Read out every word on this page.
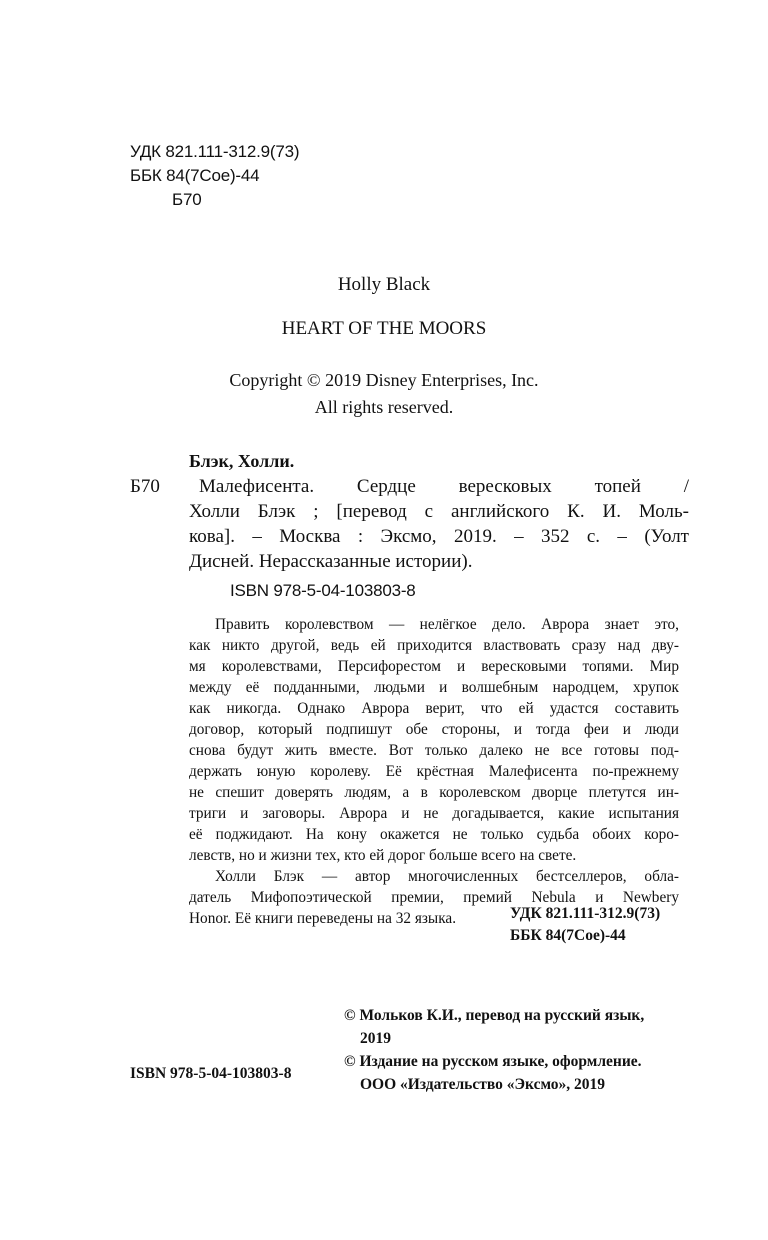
УДК 821.111-312.9(73)
ББК 84(7Сое)-44
Б70
Holly Black
HEART OF THE MOORS
Copyright © 2019 Disney Enterprises, Inc.
All rights reserved.
Блэк, Холли.
Б70	Малефисента. Сердце вересковых топей /
Холли Блэк ; [перевод с английского К. И. Моль-
кова]. – Москва : Эксмо, 2019. – 352 с. – (Уолт
Дисней. Нерассказанные истории).
ISBN 978-5-04-103803-8
Править королевством — нелёгкое дело. Аврора знает это,
как никто другой, ведь ей приходится властвовать сразу над дву-
мя королевствами, Персифорестом и вересковыми топями. Мир
между её подданными, людьми и волшебным народцем, хрупок
как никогда. Однако Аврора верит, что ей удастся составить
договор, который подпишут обе стороны, и тогда феи и люди
снова будут жить вместе. Вот только далеко не все готовы под-
держать юную королеву. Её крёстная Малефисента по-прежнему
не спешит доверять людям, а в королевском дворце плетутся ин-
триги и заговоры. Аврора и не догадывается, какие испытания
её поджидают. На кону окажется не только судьба обоих коро-
левств, но и жизни тех, кто ей дорог больше всего на свете.
Холли Блэк — автор многочисленных бестселлеров, обла-
датель Мифопоэтической премии, премий Nebula и Newbery
Honor. Её книги переведены на 32 языка.	УДК 821.111-312.9(73)
ББК 84(7Сое)-44
© Мольков К.И., перевод на русский язык,
2019
© Издание на русском языке, оформление.
ООО «Издательство «Эксмо», 2019
ISBN 978-5-04-103803-8
